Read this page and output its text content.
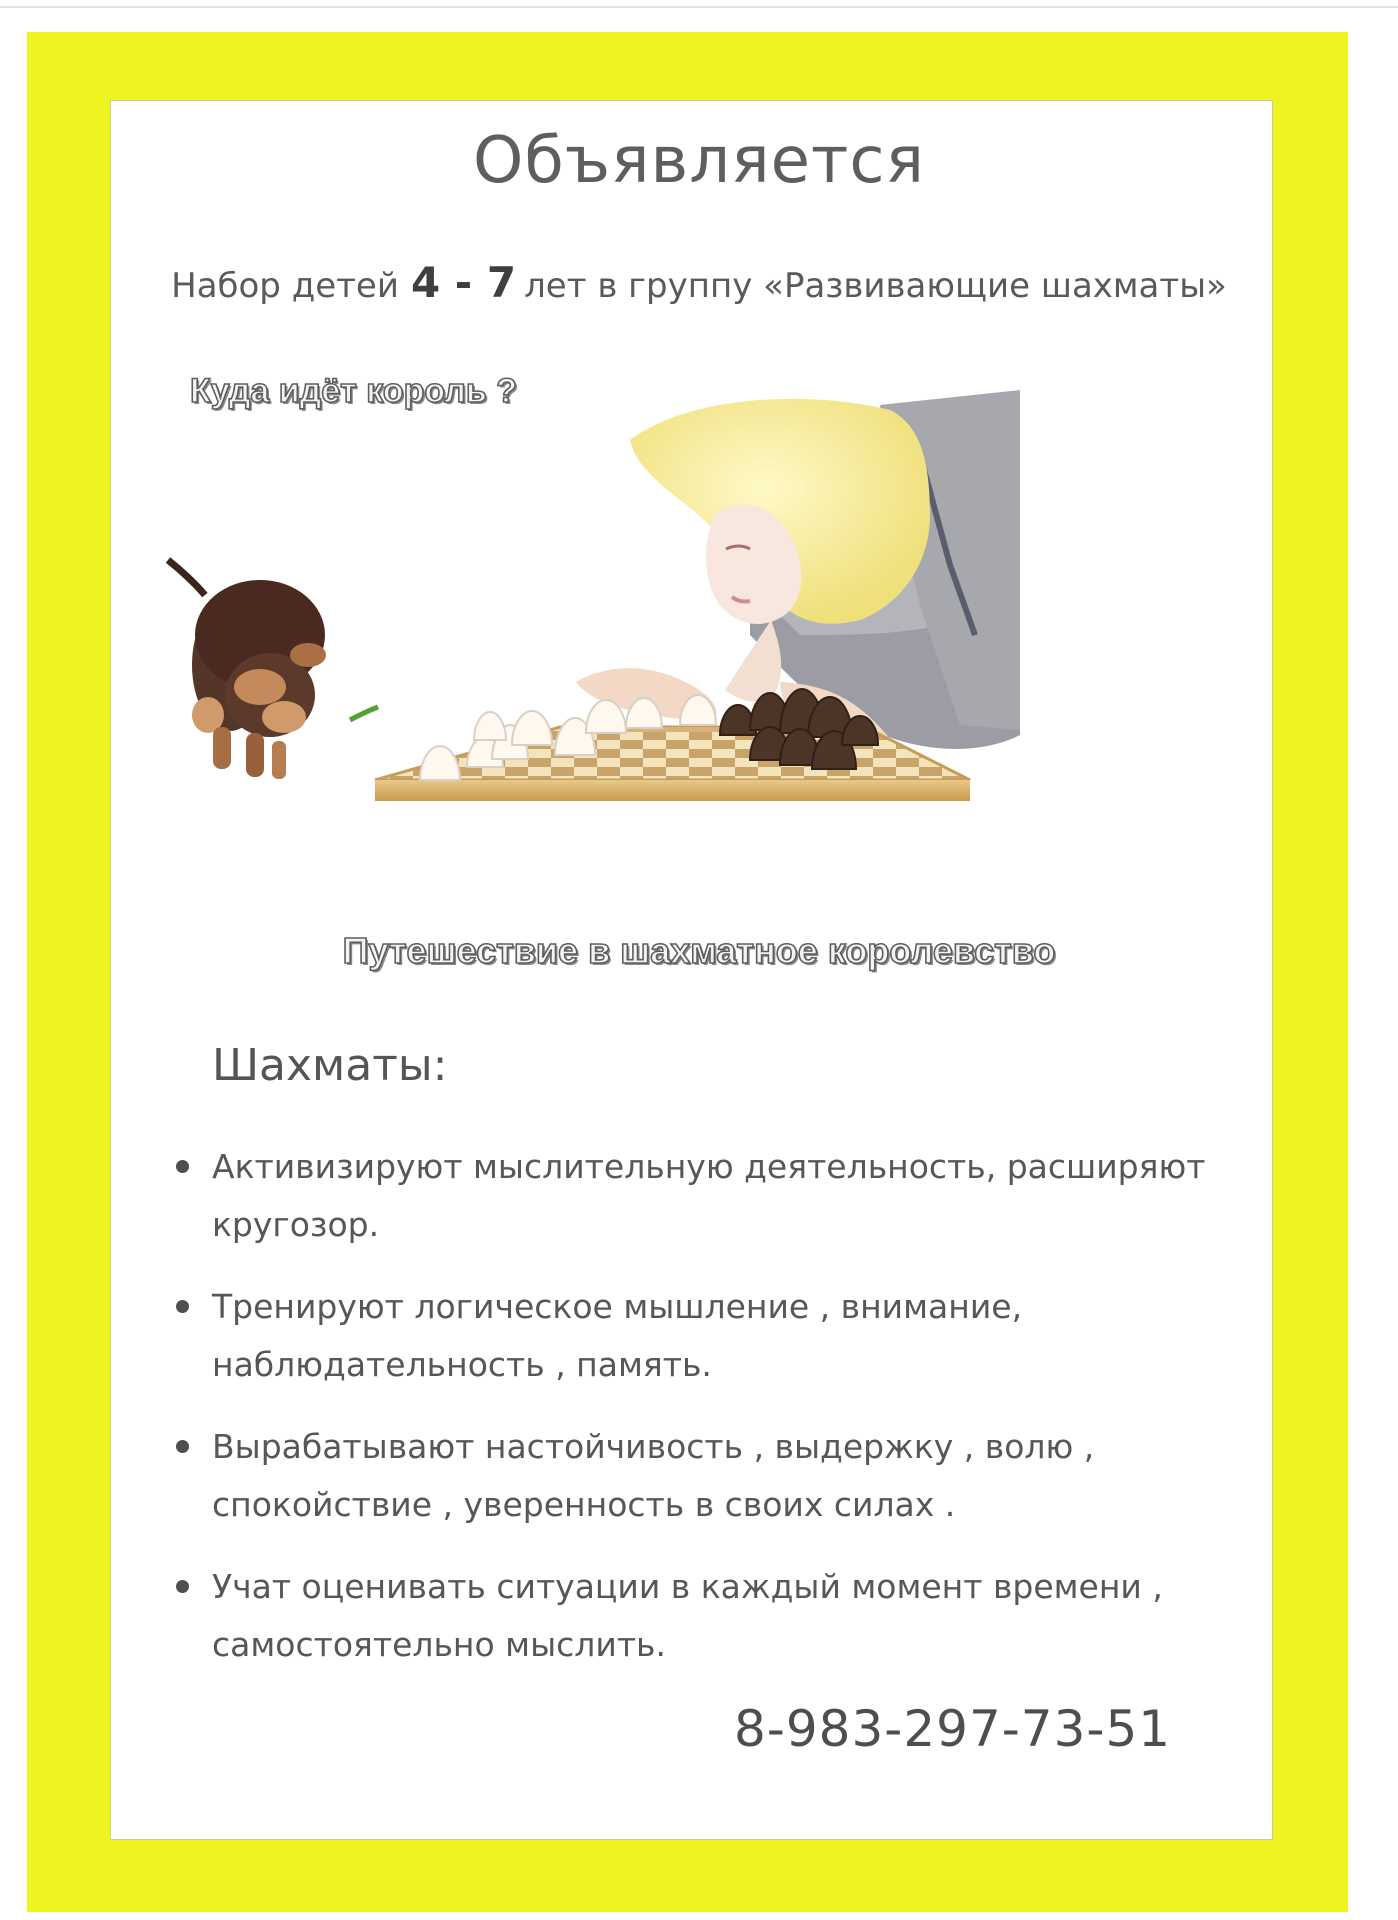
Объявляется
Набор детей 4 - 7 лет в группу «Развивающие шахматы»
Куда идёт король ?
Путешествие в шахматное королевство
Шахматы:
Активизируют мыслительную деятельность, расширяют
кругозор.
Тренируют логическое мышление , внимание,
наблюдательность , память.
Вырабатывают настойчивость , выдержку , волю ,
спокойствие , уверенность в своих силах .
Учат оценивать ситуации в каждый момент времени ,
самостоятельно мыслить.
8-983-297-73-51
